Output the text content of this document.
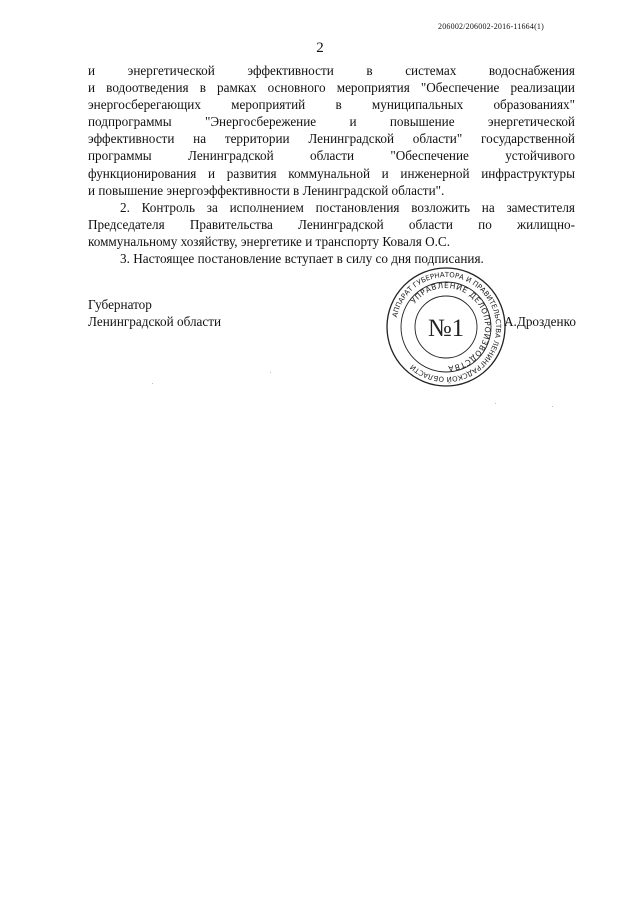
206002/206002-2016-11664(1)
2

и энергетической эффективности в системах водоснабжения

и водоотведения в рамках основного мероприятия "Обеспечение реализации

энергосберегающих мероприятий в муниципальных образованиях"

подпрограммы "Энергосбережение и повышение энергетической

эффективности на территории Ленинградской области" государственной

программы Ленинградской области "Обеспечение устойчивого

функционирования и развития коммунальной и инженерной инфраструктуры

и повышение энергоэффективности в Ленинградской области".

2. Контроль за исполнением постановления возложить на заместителя

Председателя Правительства Ленинградской области по жилищно-

коммунальному хозяйству, энергетике и транспорту Коваля О.С.

3. Настоящее постановление вступает в силу со дня подписания.

Губернатор
Ленинградской области	А.Дрозденко
АППАРАТ ГУБЕРНАТОРА И ПРАВИТЕЛЬСТВА ЛЕНИНГРАДСКОЙ ОБЛАСТИ
УПРАВЛЕНИЕ ДЕЛОПРОИЗВОДСТВА
№1
